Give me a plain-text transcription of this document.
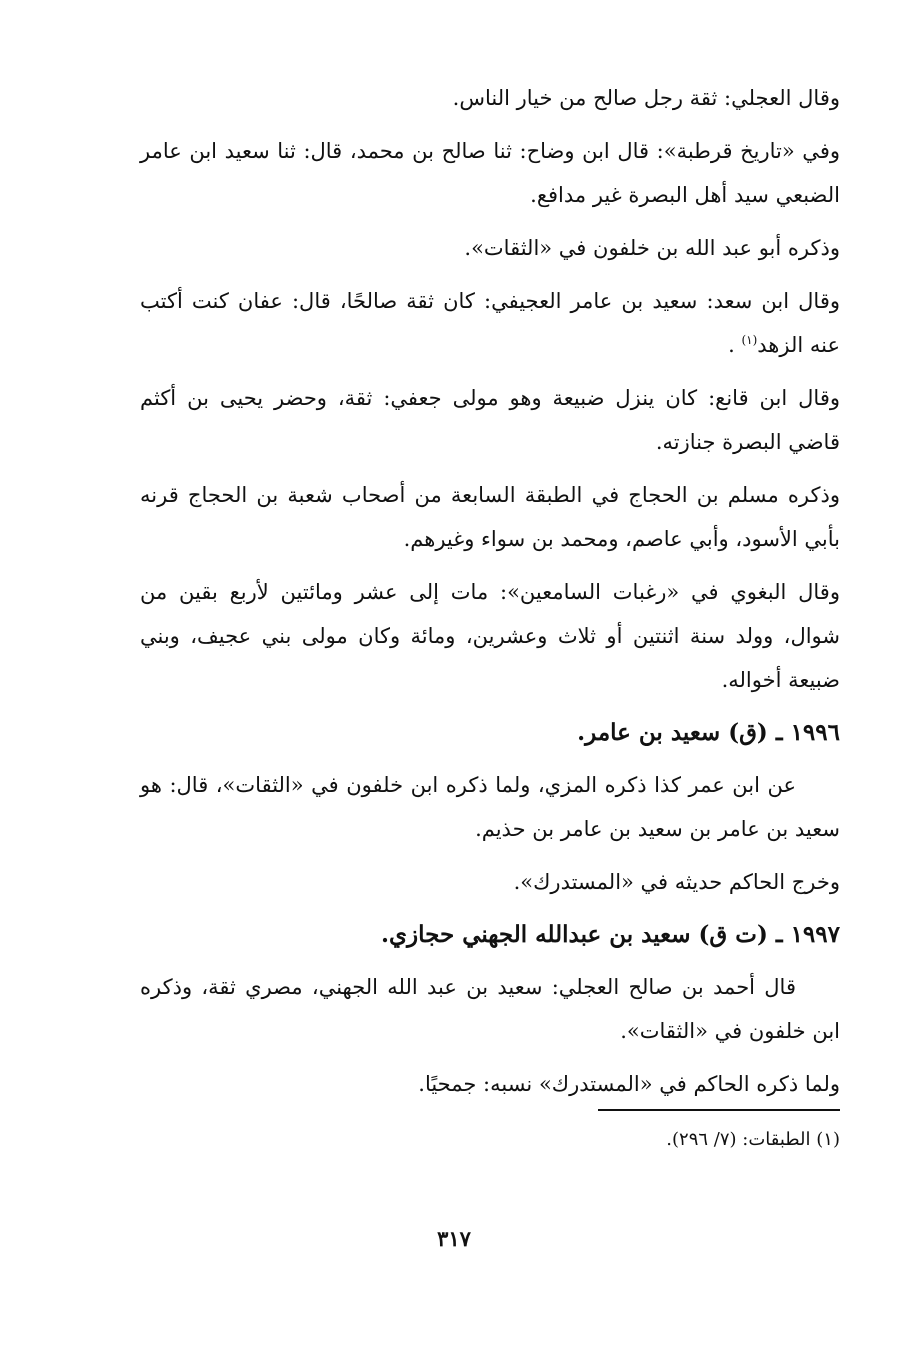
وقال العجلي: ثقة رجل صالح من خيار الناس.

وفي «تاريخ قرطبة»: قال ابن وضاح: ثنا صالح بن محمد، قال: ثنا سعيد ابن عامر الضبعي سيد أهل البصرة غير مدافع.

وذكره أبو عبد الله بن خلفون في «الثقات».

وقال ابن سعد: سعيد بن عامر العجيفي: كان ثقة صالحًا، قال: عفان كنت أكتب عنه الزهد$^{(١)}$ .

وقال ابن قانع: كان ينزل ضبيعة وهو مولى جعفي: ثقة، وحضر يحيى بن أكثم قاضي البصرة جنازته.

وذكره مسلم بن الحجاج في الطبقة السابعة من أصحاب شعبة بن الحجاج قرنه بأبي الأسود، وأبي عاصم، ومحمد بن سواء وغيرهم.

وقال البغوي في «رغبات السامعين»: مات إلى عشر ومائتين لأربع بقين من شوال، وولد سنة اثنتين أو ثلاث وعشرين، ومائة وكان مولى بني عجيف، وبني ضبيعة أخواله.

١٩٩٦ ـ (ق) سعيد بن عامر.

عن ابن عمر كذا ذكره المزي، ولما ذكره ابن خلفون في «الثقات»، قال: هو سعيد بن عامر بن سعيد بن عامر بن حذيم.

وخرج الحاكم حديثه في «المستدرك».

١٩٩٧ ـ (ت ق) سعيد بن عبدالله الجهني حجازي.

قال أحمد بن صالح العجلي: سعيد بن عبد الله الجهني، مصري ثقة، وذكره ابن خلفون في «الثقات».

ولما ذكره الحاكم في «المستدرك» نسبه: جمحيًا.

(١) الطبقات: (٧/ ٢٩٦).
٣١٧
